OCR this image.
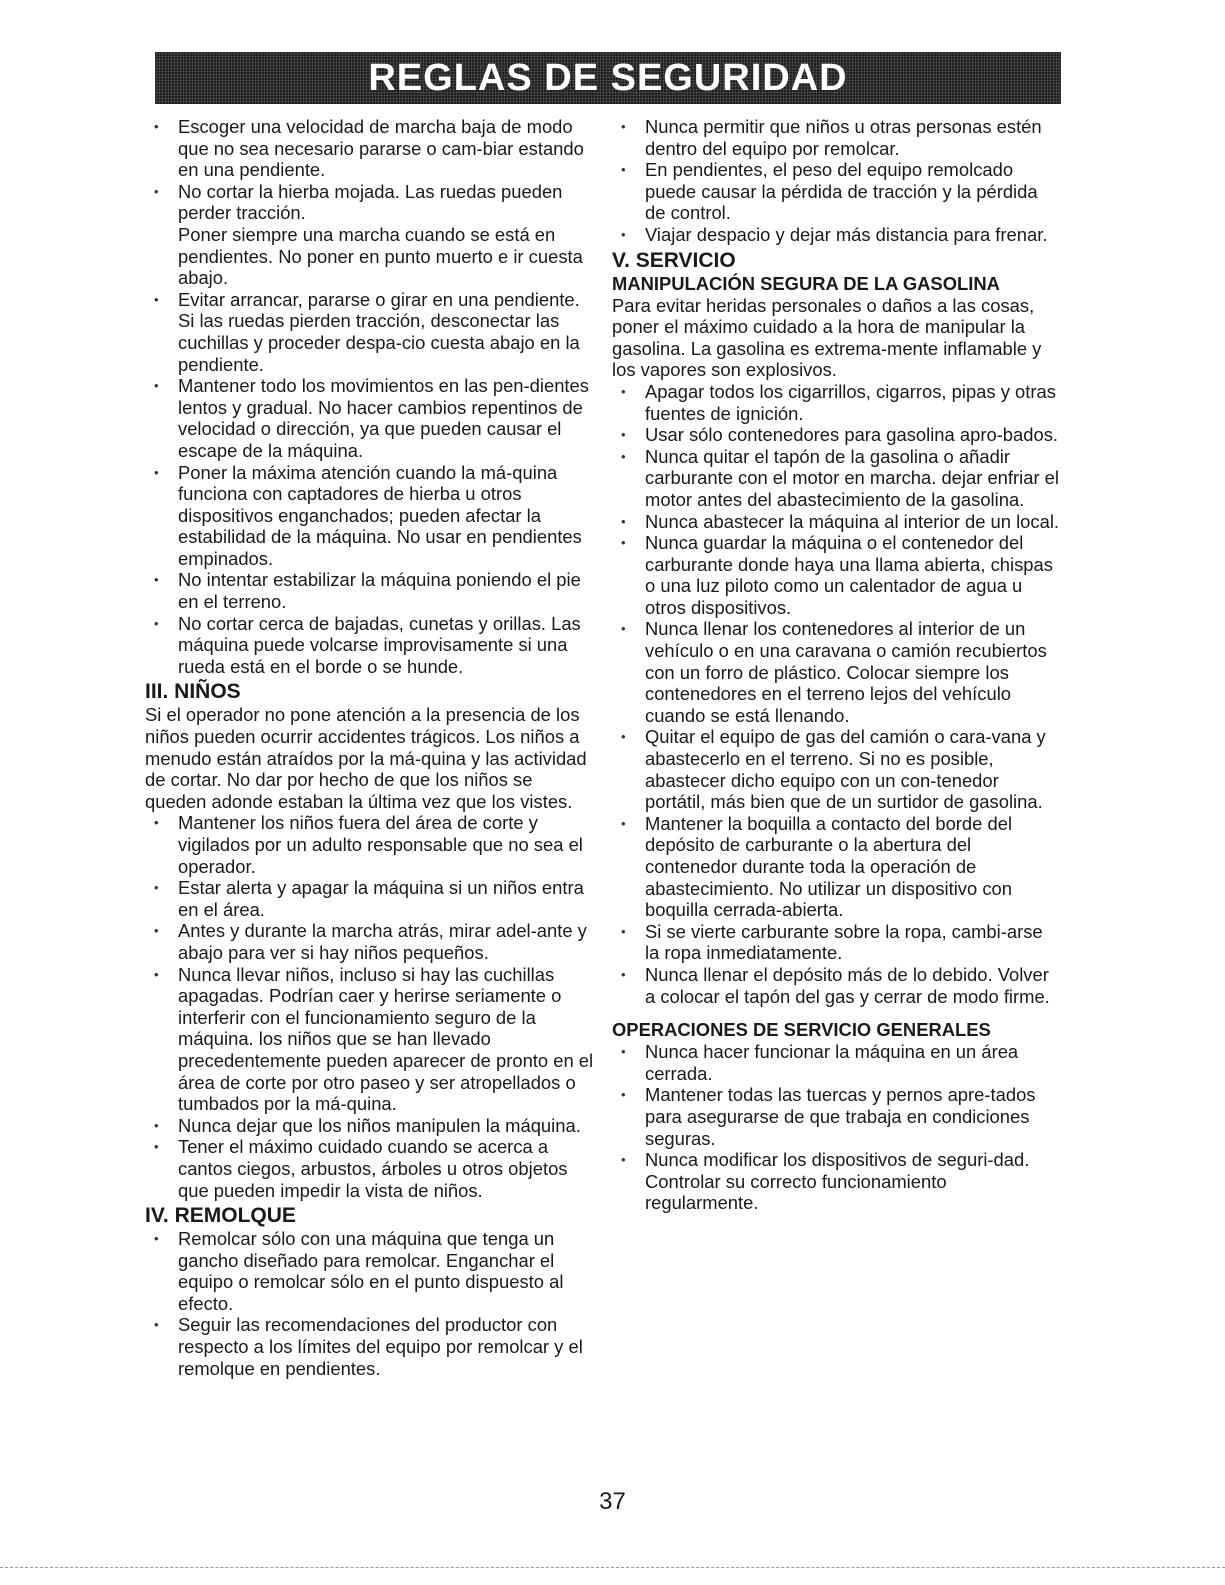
REGLAS DE SEGURIDAD
• Escoger una velocidad de marcha baja de modo que no sea necesario pararse o cam-biar estando en una pendiente.
• No cortar la hierba mojada. Las ruedas pueden perder tracción.

Poner siempre una marcha cuando se está en pendientes. No poner en punto muerto e ir cuesta abajo.

• Evitar arrancar, pararse o girar en una pendiente. Si las ruedas pierden tracción, desconectar las cuchillas y proceder despa-cio cuesta abajo en la pendiente.
• Mantener todo los movimientos en las pen-dientes lentos y gradual. No hacer cambios repentinos de velocidad o dirección, ya que pueden causar el escape de la máquina.
• Poner la máxima atención cuando la má-quina funciona con captadores de hierba u otros dispositivos enganchados; pueden afectar la estabilidad de la máquina. No usar en pendientes empinados.
• No intentar estabilizar la máquina poniendo el pie en el terreno.
• No cortar cerca de bajadas, cunetas y orillas. Las máquina puede volcarse improvisamente si una rueda está en el borde o se hunde.
III. NIÑOS

Si el operador no pone atención a la presencia de los niños pueden ocurrir accidentes trágicos. Los niños a menudo están atraídos por la má-quina y las actividad de cortar. No dar por hecho de que los niños se queden adonde estaban la última vez que los vistes.

• Mantener los niños fuera del área de corte y vigilados por un adulto responsable que no sea el operador.
• Estar alerta y apagar la máquina si un niños entra en el área.
• Antes y durante la marcha atrás, mirar adel-ante y abajo para ver si hay niños pequeños.
• Nunca llevar niños, incluso si hay las cuchillas apagadas. Podrían caer y herirse seriamente o interferir con el funcionamiento seguro de la máquina. los niños que se han llevado precedentemente pueden aparecer de pronto en el área de corte por otro paseo y ser atropellados o tumbados por la má-quina.
• Nunca dejar que los niños manipulen la máquina.
• Tener el máximo cuidado cuando se acerca a cantos ciegos, arbustos, árboles u otros objetos que pueden impedir la vista de niños.
IV. REMOLQUE
• Remolcar sólo con una máquina que tenga un gancho diseñado para remolcar. Enganchar el equipo o remolcar sólo en el punto dispuesto al efecto.
• Seguir las recomendaciones del productor con respecto a los límites del equipo por remolcar y el remolque en pendientes.
• Nunca permitir que niños u otras personas estén dentro del equipo por remolcar.
• En pendientes, el peso del equipo remolcado puede causar la pérdida de tracción y la pérdida de control.
• Viajar despacio y dejar más distancia para frenar.
V. SERVICIO
MANIPULACIÓN SEGURA DE LA GASOLINA

Para evitar heridas personales o daños a las cosas, poner el máximo cuidado a la hora de manipular la gasolina. La gasolina es extrema-mente inflamable y los vapores son explosivos.

• Apagar todos los cigarrillos, cigarros, pipas y otras fuentes de ignición.
• Usar sólo contenedores para gasolina apro-bados.
• Nunca quitar el tapón de la gasolina o añadir carburante con el motor en marcha. dejar enfriar el motor antes del abastecimiento de la gasolina.
• Nunca abastecer la máquina al interior de un local.
• Nunca guardar la máquina o el contenedor del carburante donde haya una llama abierta, chispas o una luz piloto como un calentador de agua u otros dispositivos.
• Nunca llenar los contenedores al interior de un vehículo o en una caravana o camión recubiertos con un forro de plástico. Colocar siempre los contenedores en el terreno lejos del vehículo cuando se está llenando.
• Quitar el equipo de gas del camión o cara-vana y abastecerlo en el terreno. Si no es posible, abastecer dicho equipo con un con-tenedor portátil, más bien que de un surtidor de gasolina.
• Mantener la boquilla a contacto del borde del depósito de carburante o la abertura del contenedor durante toda la operación de abastecimiento. No utilizar un dispositivo con boquilla cerrada-abierta.
• Si se vierte carburante sobre la ropa, cambi-arse la ropa inmediatamente.
• Nunca llenar el depósito más de lo debido. Volver a colocar el tapón del gas y cerrar de modo firme.
OPERACIONES DE SERVICIO GENERALES
• Nunca hacer funcionar la máquina en un área cerrada.
• Mantener todas las tuercas y pernos apre-tados para asegurarse de que trabaja en condiciones seguras.
• Nunca modificar los dispositivos de seguri-dad. Controlar su correcto funcionamiento regularmente.
37
